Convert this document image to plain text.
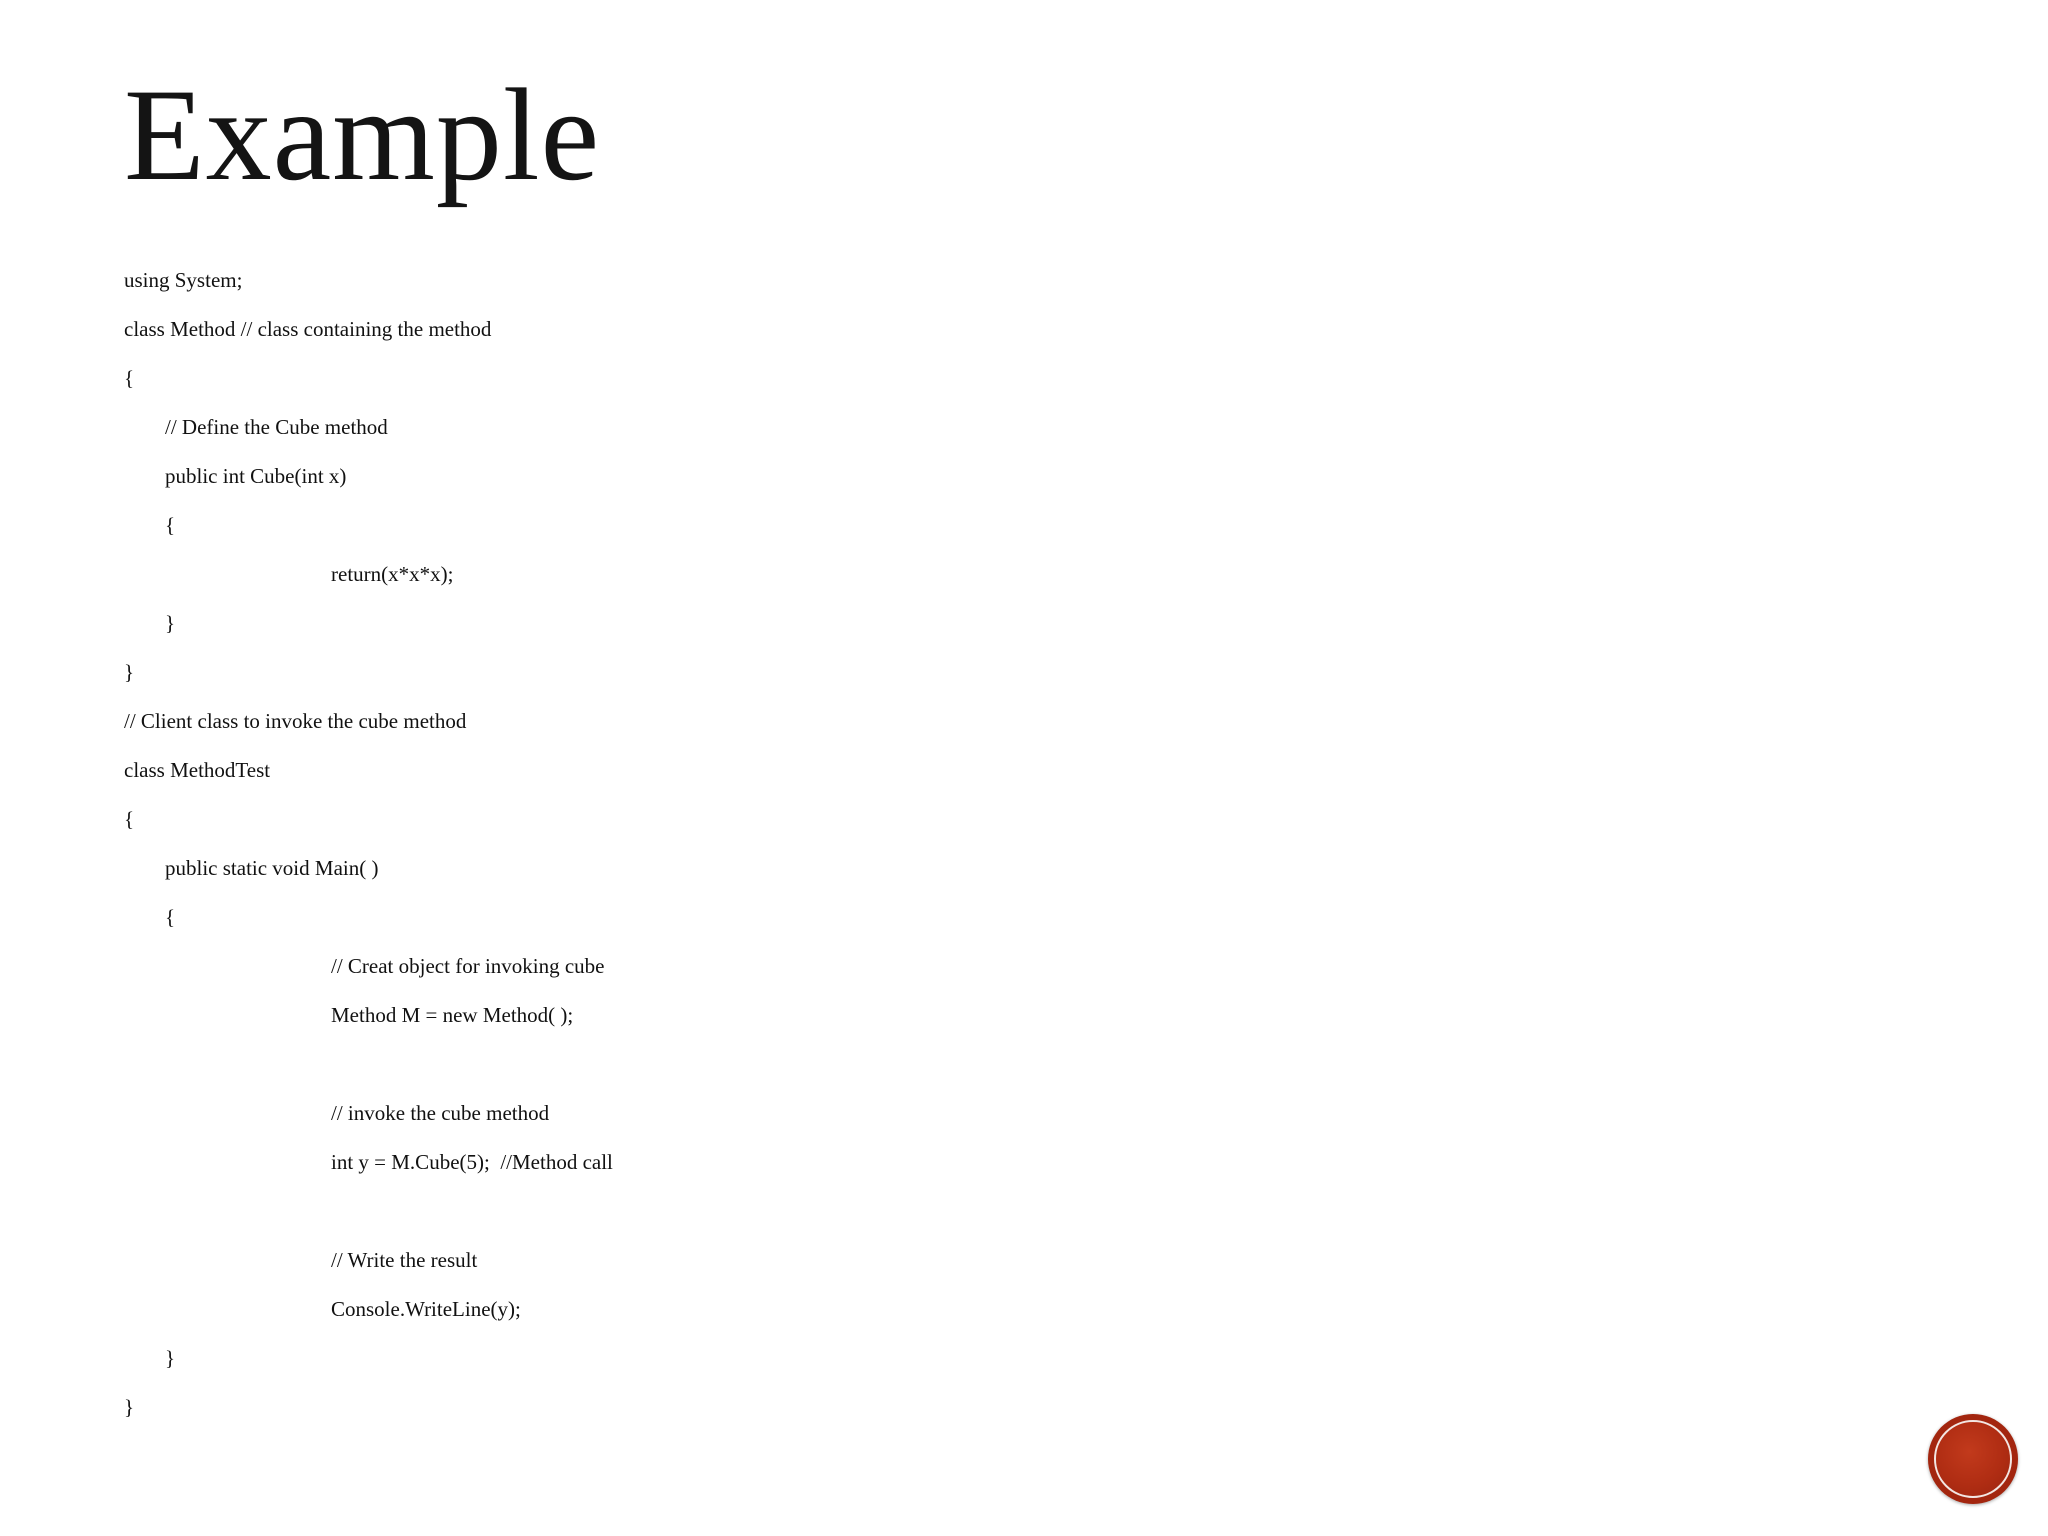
Example
using System;
class Method // class containing the method
{
// Define the Cube method
public int Cube(int x)
{
return(x*x*x);
}
}
// Client class to invoke the cube method
class MethodTest
{
public static void Main( )
{
// Creat object for invoking cube
Method M = new Method( );
// invoke the cube method
int y = M.Cube(5);  //Method call
// Write the result
Console.WriteLine(y);
}
}
